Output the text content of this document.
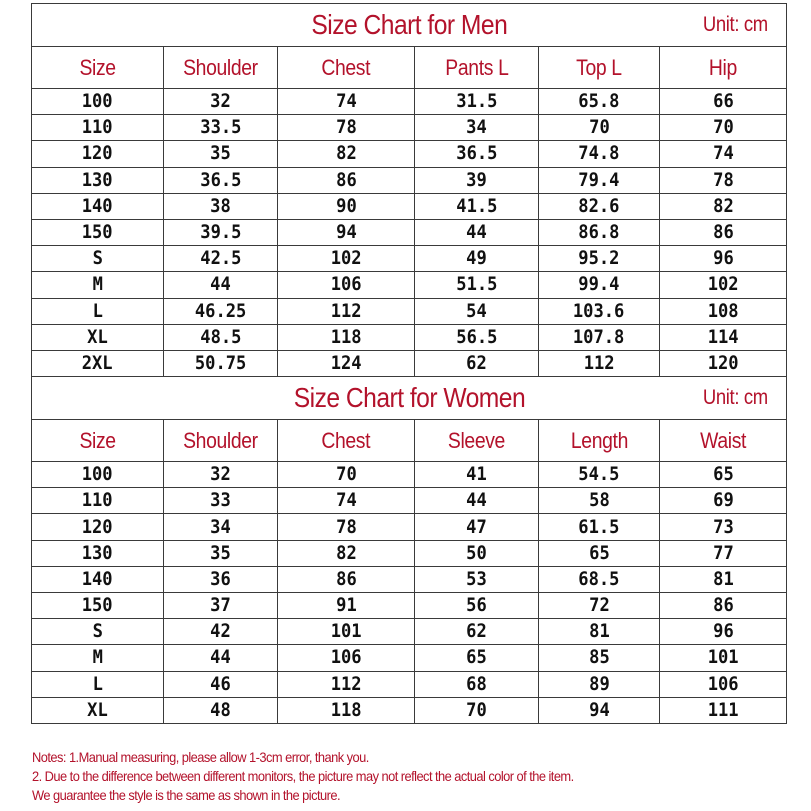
Size Chart for Men Unit: cm					

Size	Shoulder	Chest	Pants L	Top L	Hip
100	32	74	31.5	65.8	66
110	33.5	78	34	70	70
120	35	82	36.5	74.8	74
130	36.5	86	39	79.4	78
140	38	90	41.5	82.6	82
150	39.5	94	44	86.8	86
S	42.5	102	49	95.2	96
M	44	106	51.5	99.4	102
L	46.25	112	54	103.6	108
XL	48.5	118	56.5	107.8	114
2XL	50.75	124	62	112	120
Size Chart for Women Unit: cm					

Size	Shoulder	Chest	Sleeve	Length	Waist
100	32	70	41	54.5	65
110	33	74	44	58	69
120	34	78	47	61.5	73
130	35	82	50	65	77
140	36	86	53	68.5	81
150	37	91	56	72	86
S	42	101	62	81	96
M	44	106	65	85	101
L	46	112	68	89	106
XL	48	118	70	94	111
Notes: 1.Manual measuring, please allow 1-3cm error, thank you.
2. Due to the difference between different monitors, the picture may not reflect the actual color of the item.
We guarantee the style is the same as shown in the picture.
